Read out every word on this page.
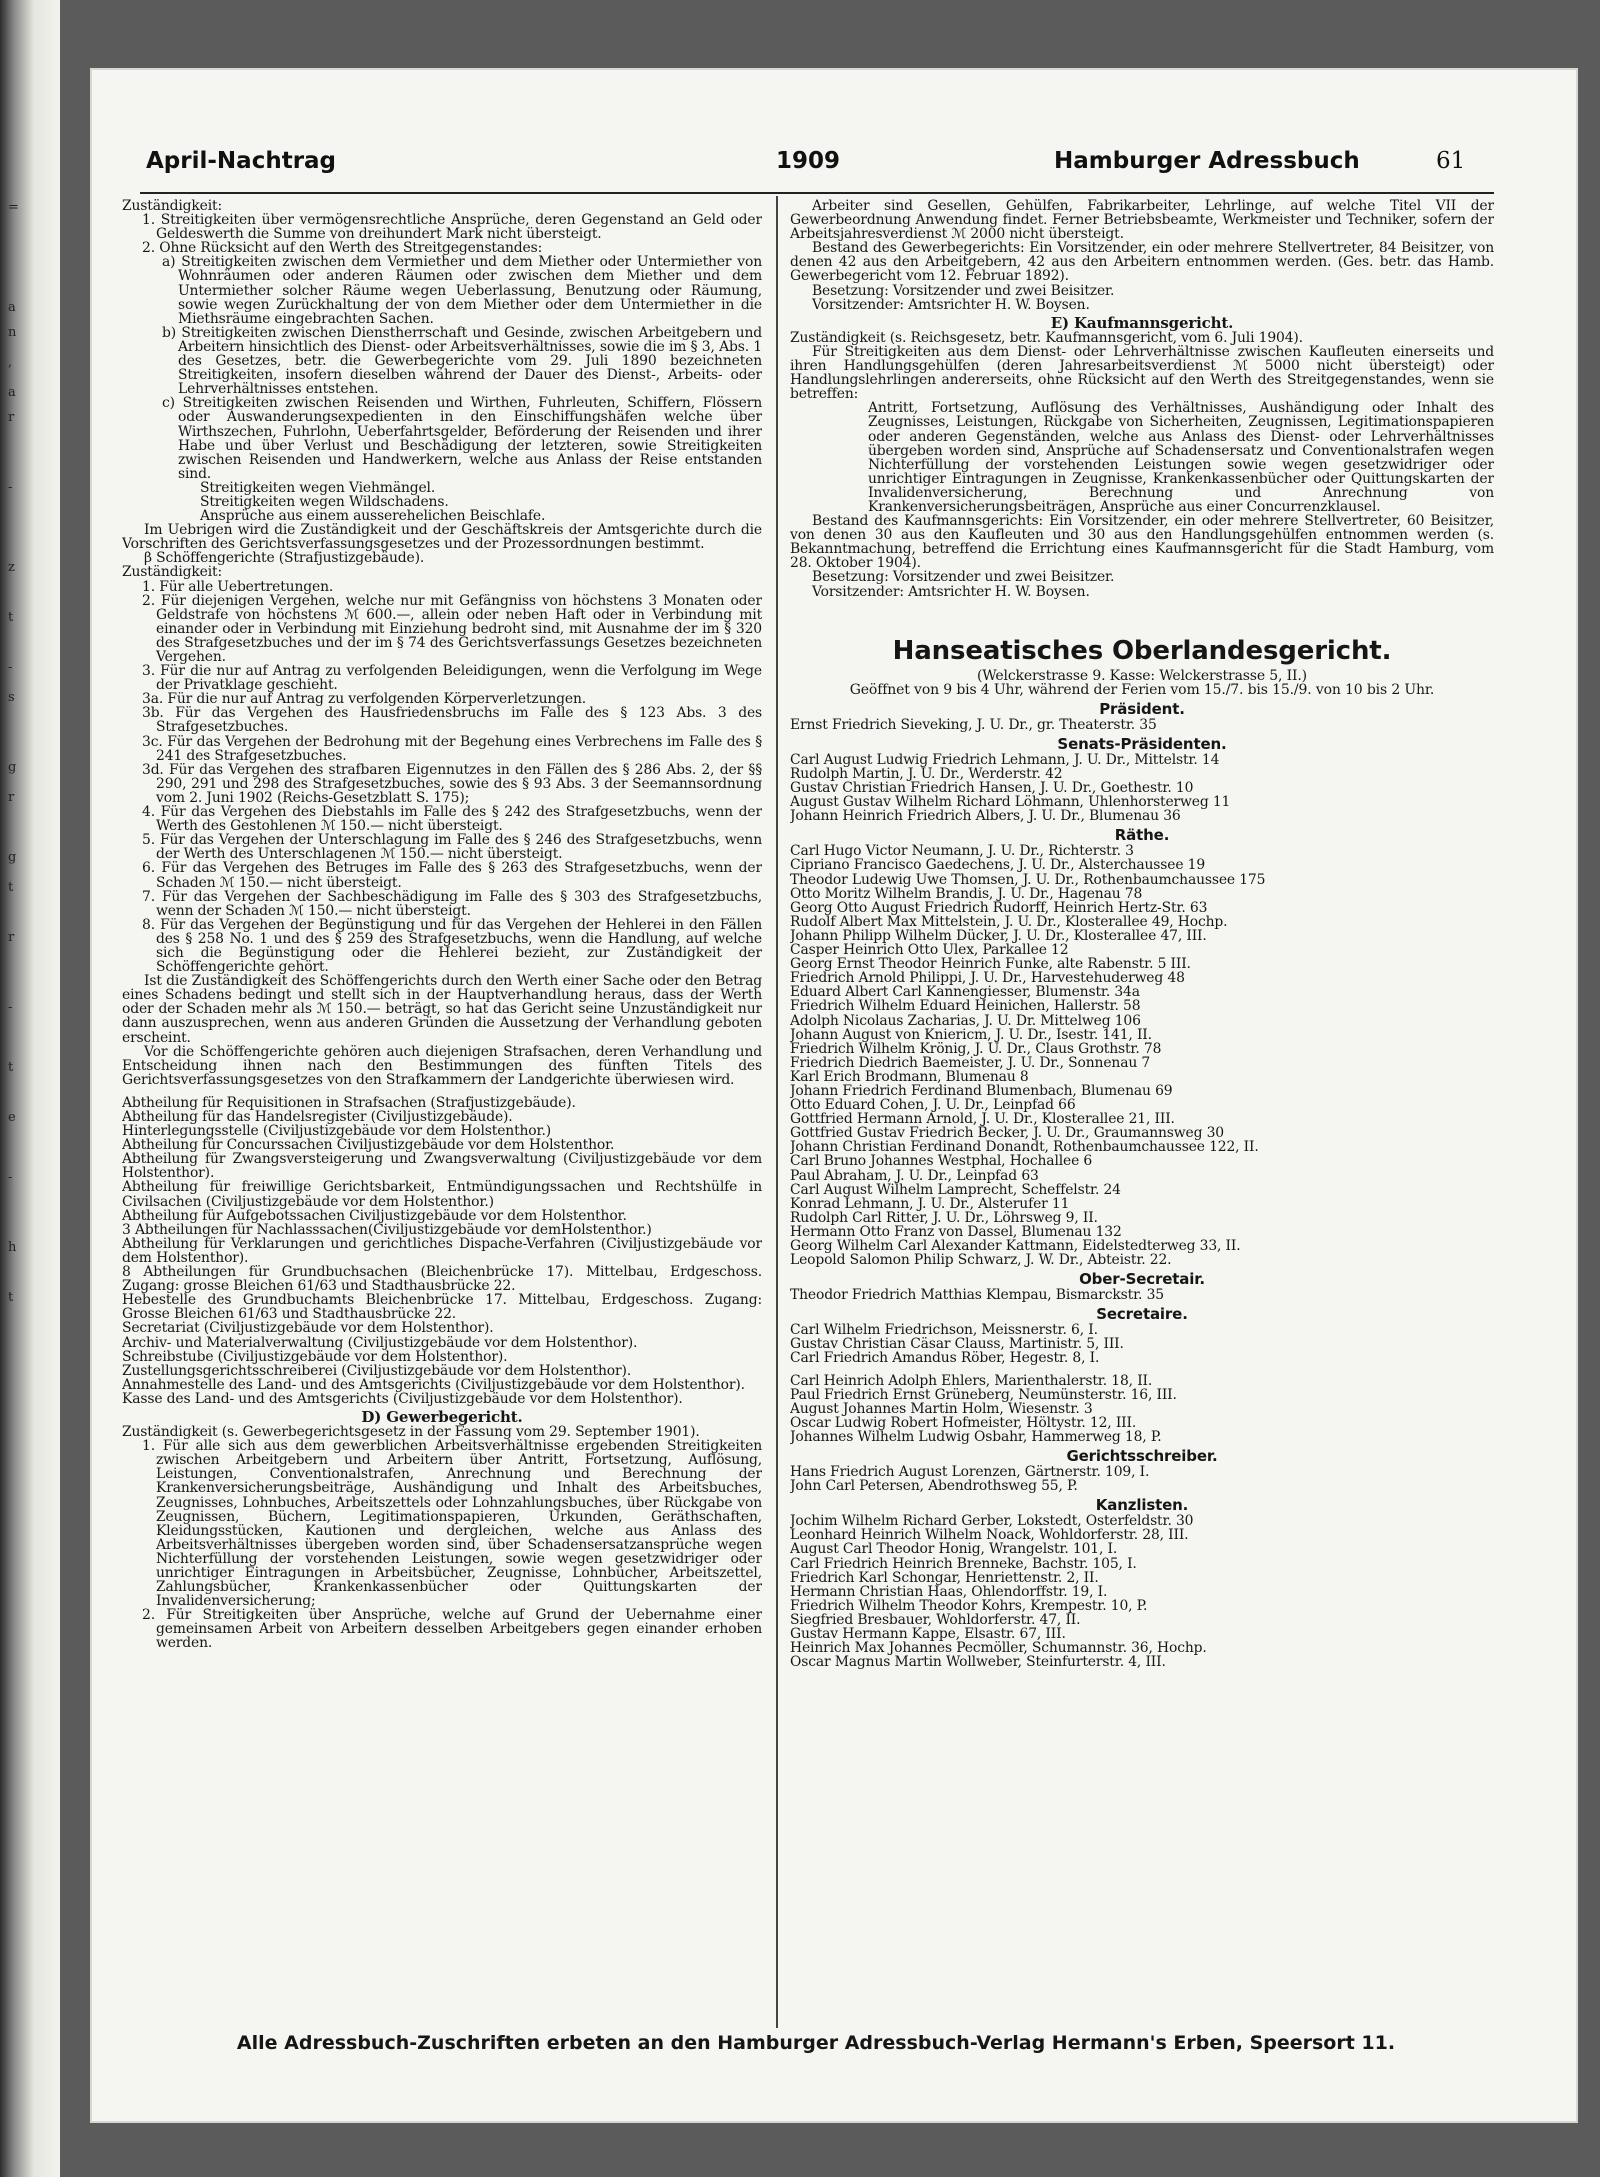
=
a
n
,
a
r
-
z
t
-
s
g
r
g
t
r
-
t
e
-
h
t
April-Nachtrag	1909	Hamburger Adressbuch	61

Zuständigkeit:

1. Streitigkeiten über vermögensrechtliche Ansprüche, deren Gegenstand an Geld oder Geldeswerth die Summe von dreihundert Mark nicht übersteigt.

2. Ohne Rücksicht auf den Werth des Streitgegenstandes:

a) Streitigkeiten zwischen dem Vermiether und dem Miether oder Untermiether von Wohnräumen oder anderen Räumen oder zwischen dem Miether und dem Untermiether solcher Räume wegen Ueberlassung, Benutzung oder Räumung, sowie wegen Zurückhaltung der von dem Miether oder dem Untermiether in die Miethsräume eingebrachten Sachen.

b) Streitigkeiten zwischen Dienstherrschaft und Gesinde, zwischen Arbeitgebern und Arbeitern hinsichtlich des Dienst- oder Arbeitsverhältnisses, sowie die im § 3, Abs. 1 des Gesetzes, betr. die Gewerbegerichte vom 29. Juli 1890 bezeichneten Streitigkeiten, insofern dieselben während der Dauer des Dienst-, Arbeits- oder Lehrverhältnisses entstehen.

c) Streitigkeiten zwischen Reisenden und Wirthen, Fuhrleuten, Schiffern, Flössern oder Auswanderungsexpedienten in den Einschiffungshäfen welche über Wirthszechen, Fuhrlohn, Ueberfahrtsgelder, Beförderung der Reisenden und ihrer Habe und über Verlust und Beschädigung der letzteren, sowie Streitigkeiten zwischen Reisenden und Handwerkern, welche aus Anlass der Reise entstanden sind.

Streitigkeiten wegen Viehmängel.

Streitigkeiten wegen Wildschadens.

Ansprüche aus einem ausserehelichen Beischlafe.

Im Uebrigen wird die Zuständigkeit und der Geschäftskreis der Amtsgerichte durch die Vorschriften des Gerichtsverfassungsgesetzes und der Prozessordnungen bestimmt.

β Schöffengerichte (Strafjustizgebäude).

Zuständigkeit:

1. Für alle Uebertretungen.

2. Für diejenigen Vergehen, welche nur mit Gefängniss von höchstens 3 Monaten oder Geldstrafe von höchstens ℳ 600.—, allein oder neben Haft oder in Verbindung mit einander oder in Verbindung mit Einziehung bedroht sind, mit Ausnahme der im § 320 des Strafgesetzbuches und der im § 74 des Gerichtsverfassungs Gesetzes bezeichneten Vergehen.

3. Für die nur auf Antrag zu verfolgenden Beleidigungen, wenn die Verfolgung im Wege der Privatklage geschieht.

3a. Für die nur auf Antrag zu verfolgenden Körperverletzungen.

3b. Für das Vergehen des Hausfriedensbruchs im Falle des § 123 Abs. 3 des Strafgesetzbuches.

3c. Für das Vergehen der Bedrohung mit der Begehung eines Verbrechens im Falle des § 241 des Strafgesetzbuches.

3d. Für das Vergehen des strafbaren Eigennutzes in den Fällen des § 286 Abs. 2, der §§ 290, 291 und 298 des Strafgesetzbuches, sowie des § 93 Abs. 3 der Seemannsordnung vom 2. Juni 1902 (Reichs-Gesetzblatt S. 175);

4. Für das Vergehen des Diebstahls im Falle des § 242 des Strafgesetzbuchs, wenn der Werth des Gestohlenen ℳ 150.— nicht übersteigt.

5. Für das Vergehen der Unterschlagung im Falle des § 246 des Strafgesetzbuchs, wenn der Werth des Unterschlagenen ℳ 150.— nicht übersteigt.

6. Für das Vergehen des Betruges im Falle des § 263 des Strafgesetzbuchs, wenn der Schaden ℳ 150.— nicht übersteigt.

7. Für das Vergehen der Sachbeschädigung im Falle des § 303 des Strafgesetzbuchs, wenn der Schaden ℳ 150.— nicht übersteigt.

8. Für das Vergehen der Begünstigung und für das Vergehen der Hehlerei in den Fällen des § 258 No. 1 und des § 259 des Strafgesetzbuchs, wenn die Handlung, auf welche sich die Begünstigung oder die Hehlerei bezieht, zur Zuständigkeit der Schöffengerichte gehört.

Ist die Zuständigkeit des Schöffengerichts durch den Werth einer Sache oder den Betrag eines Schadens bedingt und stellt sich in der Hauptverhandlung heraus, dass der Werth oder der Schaden mehr als ℳ 150.— beträgt, so hat das Gericht seine Unzuständigkeit nur dann auszusprechen, wenn aus anderen Gründen die Aussetzung der Verhandlung geboten erscheint.

Vor die Schöffengerichte gehören auch diejenigen Strafsachen, deren Verhandlung und Entscheidung ihnen nach den Bestimmungen des fünften Titels des Gerichtsverfassungsgesetzes von den Strafkammern der Landgerichte überwiesen wird.

Abtheilung für Requisitionen in Strafsachen (Strafjustizgebäude).

Abtheilung für das Handelsregister (Civiljustizgebäude).

Hinterlegungsstelle (Civiljustizgebäude vor dem Holstenthor.)

Abtheilung für Concurssachen Civiljustizgebäude vor dem Holstenthor.

Abtheilung für Zwangsversteigerung und Zwangsverwaltung (Civiljustizgebäude vor dem Holstenthor).

Abtheilung für freiwillige Gerichtsbarkeit, Entmündigungssachen und Rechtshülfe in Civilsachen (Civiljustizgebäude vor dem Holstenthor.)

Abtheilung für Aufgebotssachen Civiljustizgebäude vor dem Holstenthor.

3 Abtheilungen für Nachlasssachen(Civiljustizgebäude vor demHolstenthor.)

Abtheilung für Verklarungen und gerichtliches Dispache-Verfahren (Civiljustizgebäude vor dem Holstenthor).

8 Abtheilungen für Grundbuchsachen (Bleichenbrücke 17). Mittelbau, Erdgeschoss. Zugang: grosse Bleichen 61/63 und Stadthausbrücke 22.

Hebestelle des Grundbuchamts Bleichenbrücke 17. Mittelbau, Erdgeschoss. Zugang: Grosse Bleichen 61/63 und Stadthausbrücke 22.

Secretariat (Civiljustizgebäude vor dem Holstenthor).

Archiv- und Materialverwaltung (Civiljustizgebäude vor dem Holstenthor).

Schreibstube (Civiljustizgebäude vor dem Holstenthor).

Zustellungsgerichtsschreiberei (Civiljustizgebäude vor dem Holstenthor).

Annahmestelle des Land- und des Amtsgerichts (Civiljustizgebäude vor dem Holstenthor).

Kasse des Land- und des Amtsgerichts (Civiljustizgebäude vor dem Holstenthor).

D) Gewerbegericht.

Zuständigkeit (s. Gewerbegerichtsgesetz in der Fassung vom 29. September 1901).

1. Für alle sich aus dem gewerblichen Arbeitsverhältnisse ergebenden Streitigkeiten zwischen Arbeitgebern und Arbeitern über Antritt, Fortsetzung, Auflösung, Leistungen, Conventionalstrafen, Anrechnung und Berechnung der Krankenversicherungsbeiträge, Aushändigung und Inhalt des Arbeitsbuches, Zeugnisses, Lohnbuches, Arbeitszettels oder Lohnzahlungsbuches, über Rückgabe von Zeugnissen, Büchern, Legitimationspapieren, Urkunden, Geräthschaften, Kleidungsstücken, Kautionen und dergleichen, welche aus Anlass des Arbeitsverhältnisses übergeben worden sind, über Schadensersatzansprüche wegen Nichterfüllung der vorstehenden Leistungen, sowie wegen gesetzwidriger oder unrichtiger Eintragungen in Arbeitsbücher, Zeugnisse, Lohnbücher, Arbeitszettel, Zahlungsbücher, Krankenkassenbücher oder Quittungskarten der Invalidenversicherung;

2. Für Streitigkeiten über Ansprüche, welche auf Grund der Uebernahme einer gemeinsamen Arbeit von Arbeitern desselben Arbeitgebers gegen einander erhoben werden.

Arbeiter sind Gesellen, Gehülfen, Fabrikarbeiter, Lehrlinge, auf welche Titel VII der Gewerbeordnung Anwendung findet. Ferner Betriebsbeamte, Werkmeister und Techniker, sofern der Arbeitsjahresverdienst ℳ 2000 nicht übersteigt.

Bestand des Gewerbegerichts: Ein Vorsitzender, ein oder mehrere Stellvertreter, 84 Beisitzer, von denen 42 aus den Arbeitgebern, 42 aus den Arbeitern entnommen werden. (Ges. betr. das Hamb. Gewerbegericht vom 12. Februar 1892).

Besetzung: Vorsitzender und zwei Beisitzer.

Vorsitzender: Amtsrichter H. W. Boysen.

E) Kaufmannsgericht.

Zuständigkeit (s. Reichsgesetz, betr. Kaufmannsgericht, vom 6. Juli 1904).

Für Streitigkeiten aus dem Dienst- oder Lehrverhältnisse zwischen Kaufleuten einerseits und ihren Handlungsgehülfen (deren Jahresarbeitsverdienst ℳ 5000 nicht übersteigt) oder Handlungslehrlingen andererseits, ohne Rücksicht auf den Werth des Streitgegenstandes, wenn sie betreffen:

Antritt, Fortsetzung, Auflösung des Verhältnisses, Aushändigung oder Inhalt des Zeugnisses, Leistungen, Rückgabe von Sicherheiten, Zeugnissen, Legitimationspapieren oder anderen Gegenständen, welche aus Anlass des Dienst- oder Lehrverhältnisses übergeben worden sind, Ansprüche auf Schadensersatz und Conventionalstrafen wegen Nichterfüllung der vorstehenden Leistungen sowie wegen gesetzwidriger oder unrichtiger Eintragungen in Zeugnisse, Krankenkassenbücher oder Quittungskarten der Invalidenversicherung, Berechnung und Anrechnung von Krankenversicherungsbeiträgen, Ansprüche aus einer Concurrenzklausel.

Bestand des Kaufmannsgerichts: Ein Vorsitzender, ein oder mehrere Stellvertreter, 60 Beisitzer, von denen 30 aus den Kaufleuten und 30 aus den Handlungsgehülfen entnommen werden (s. Bekanntmachung, betreffend die Errichtung eines Kaufmannsgericht für die Stadt Hamburg, vom 28. Oktober 1904).

Besetzung: Vorsitzender und zwei Beisitzer.

Vorsitzender: Amtsrichter H. W. Boysen.

Hanseatisches Oberlandesgericht.

(Welckerstrasse 9. Kasse: Welckerstrasse 5, II.)

Geöffnet von 9 bis 4 Uhr, während der Ferien vom 15./7. bis 15./9. von 10 bis 2 Uhr.

Präsident.

Ernst Friedrich Sieveking, J. U. Dr., gr. Theaterstr. 35

Senats-Präsidenten.

Carl August Ludwig Friedrich Lehmann, J. U. Dr., Mittelstr. 14

Rudolph Martin, J. U. Dr., Werderstr. 42

Gustav Christian Friedrich Hansen, J. U. Dr., Goethestr. 10

August Gustav Wilhelm Richard Löhmann, Uhlenhorsterweg 11

Johann Heinrich Friedrich Albers, J. U. Dr., Blumenau 36

Räthe.

Carl Hugo Victor Neumann, J. U. Dr., Richterstr. 3

Cipriano Francisco Gaedechens, J. U. Dr., Alsterchaussee 19

Theodor Ludewig Uwe Thomsen, J. U. Dr., Rothenbaumchaussee 175

Otto Moritz Wilhelm Brandis, J. U. Dr., Hagenau 78

Georg Otto August Friedrich Rudorff, Heinrich Hertz-Str. 63

Rudolf Albert Max Mittelstein, J. U. Dr., Klosterallee 49, Hochp.

Johann Philipp Wilhelm Dücker, J. U. Dr., Klosterallee 47, III.

Casper Heinrich Otto Ulex, Parkallee 12

Georg Ernst Theodor Heinrich Funke, alte Rabenstr. 5 III.

Friedrich Arnold Philippi, J. U. Dr., Harvestehuderweg 48

Eduard Albert Carl Kannengiesser, Blumenstr. 34a

Friedrich Wilhelm Eduard Heinichen, Hallerstr. 58

Adolph Nicolaus Zacharias, J. U. Dr. Mittelweg 106

Johann August von Kniericm, J. U. Dr., Isestr. 141, II.

Friedrich Wilhelm Krönig, J. U. Dr., Claus Grothstr. 78

Friedrich Diedrich Baemeister, J. U. Dr., Sonnenau 7

Karl Erich Brodmann, Blumenau 8

Johann Friedrich Ferdinand Blumenbach, Blumenau 69

Otto Eduard Cohen, J. U. Dr., Leinpfad 66

Gottfried Hermann Arnold, J. U. Dr., Klosterallee 21, III.

Gottfried Gustav Friedrich Becker, J. U. Dr., Graumannsweg 30

Johann Christian Ferdinand Donandt, Rothenbaumchaussee 122, II.

Carl Bruno Johannes Westphal, Hochallee 6

Paul Abraham, J. U. Dr., Leinpfad 63

Carl August Wilhelm Lamprecht, Scheffelstr. 24

Konrad Lehmann, J. U. Dr., Alsterufer 11

Rudolph Carl Ritter, J. U. Dr., Löhrsweg 9, II.

Hermann Otto Franz von Dassel, Blumenau 132

Georg Wilhelm Carl Alexander Kattmann, Eidelstedterweg 33, II.

Leopold Salomon Philip Schwarz, J. W. Dr., Abteistr. 22.

Ober-Secretair.

Theodor Friedrich Matthias Klempau, Bismarckstr. 35

Secretaire.

Carl Wilhelm Friedrichson, Meissnerstr. 6, I.

Gustav Christian Cäsar Clauss, Martinistr. 5, III.

Carl Friedrich Amandus Röber, Hegestr. 8, I.

Carl Heinrich Adolph Ehlers, Marienthalerstr. 18, II.

Paul Friedrich Ernst Grüneberg, Neumünsterstr. 16, III.

August Johannes Martin Holm, Wiesenstr. 3

Oscar Ludwig Robert Hofmeister, Höltystr. 12, III.

Johannes Wilhelm Ludwig Osbahr, Hammerweg 18, P.

Gerichtsschreiber.

Hans Friedrich August Lorenzen, Gärtnerstr. 109, I.

John Carl Petersen, Abendrothsweg 55, P.

Kanzlisten.

Jochim Wilhelm Richard Gerber, Lokstedt, Osterfeldstr. 30

Leonhard Heinrich Wilhelm Noack, Wohldorferstr. 28, III.

August Carl Theodor Honig, Wrangelstr. 101, I.

Carl Friedrich Heinrich Brenneke, Bachstr. 105, I.

Friedrich Karl Schongar, Henriettenstr. 2, II.

Hermann Christian Haas, Ohlendorffstr. 19, I.

Friedrich Wilhelm Theodor Kohrs, Krempestr. 10, P.

Siegfried Bresbauer, Wohldorferstr. 47, II.

Gustav Hermann Kappe, Elsastr. 67, III.

Heinrich Max Johannes Pecmöller, Schumannstr. 36, Hochp.

Oscar Magnus Martin Wollweber, Steinfurterstr. 4, III.

Alle Adressbuch-Zuschriften erbeten an den Hamburger Adressbuch-Verlag Hermann's Erben, Speersort 11.
